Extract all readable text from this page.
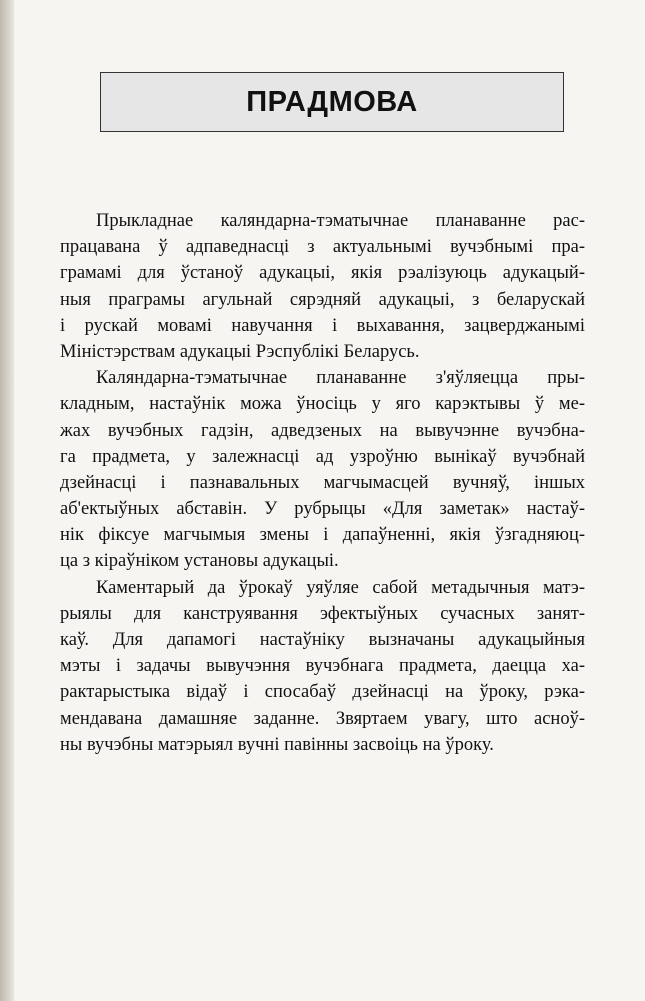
ПРАДМОВА
Прыкладнае каляндарна-тэматычнае планаванне рас-
працавана ў адпаведнасці з актуальнымі вучэбнымі пра-
грамамі для ўстаноў адукацыі, якія рэалізуюць адукацый-
ныя праграмы агульнай сярэдняй адукацыі, з беларускай
і рускай мовамі навучання і выхавання, зацверджанымі
Міністэрствам адукацыі Рэспублікі Беларусь.
Каляндарна-тэматычнае планаванне з'яўляецца пры-
кладным, настаўнік можа ўносіць у яго карэктывы ў ме-
жах вучэбных гадзін, адведзеных на вывучэнне вучэбна-
га прадмета, у залежнасці ад узроўню вынікаў вучэбнай
дзейнасці і пазнавальных магчымасцей вучняў, іншых
аб'ектыўных абставін. У рубрыцы «Для заметак» настаў-
нік фіксуе магчымыя змены і дапаўненні, якія ўзгадняюц-
ца з кіраўніком установы адукацыі.
Каментарый да ўрокаў уяўляе сабой метадычныя матэ-
рыялы для канструявання эфектыўных сучасных занят-
каў. Для дапамогі настаўніку вызначаны адукацыйныя
мэты і задачы вывучэння вучэбнага прадмета, даецца ха-
рактарыстыка відаў і спосабаў дзейнасці на ўроку, рэка-
мендавана дамашняе заданне. Звяртаем увагу, што асноў-
ны вучэбны матэрыял вучні павінны засвоіць на ўроку.
